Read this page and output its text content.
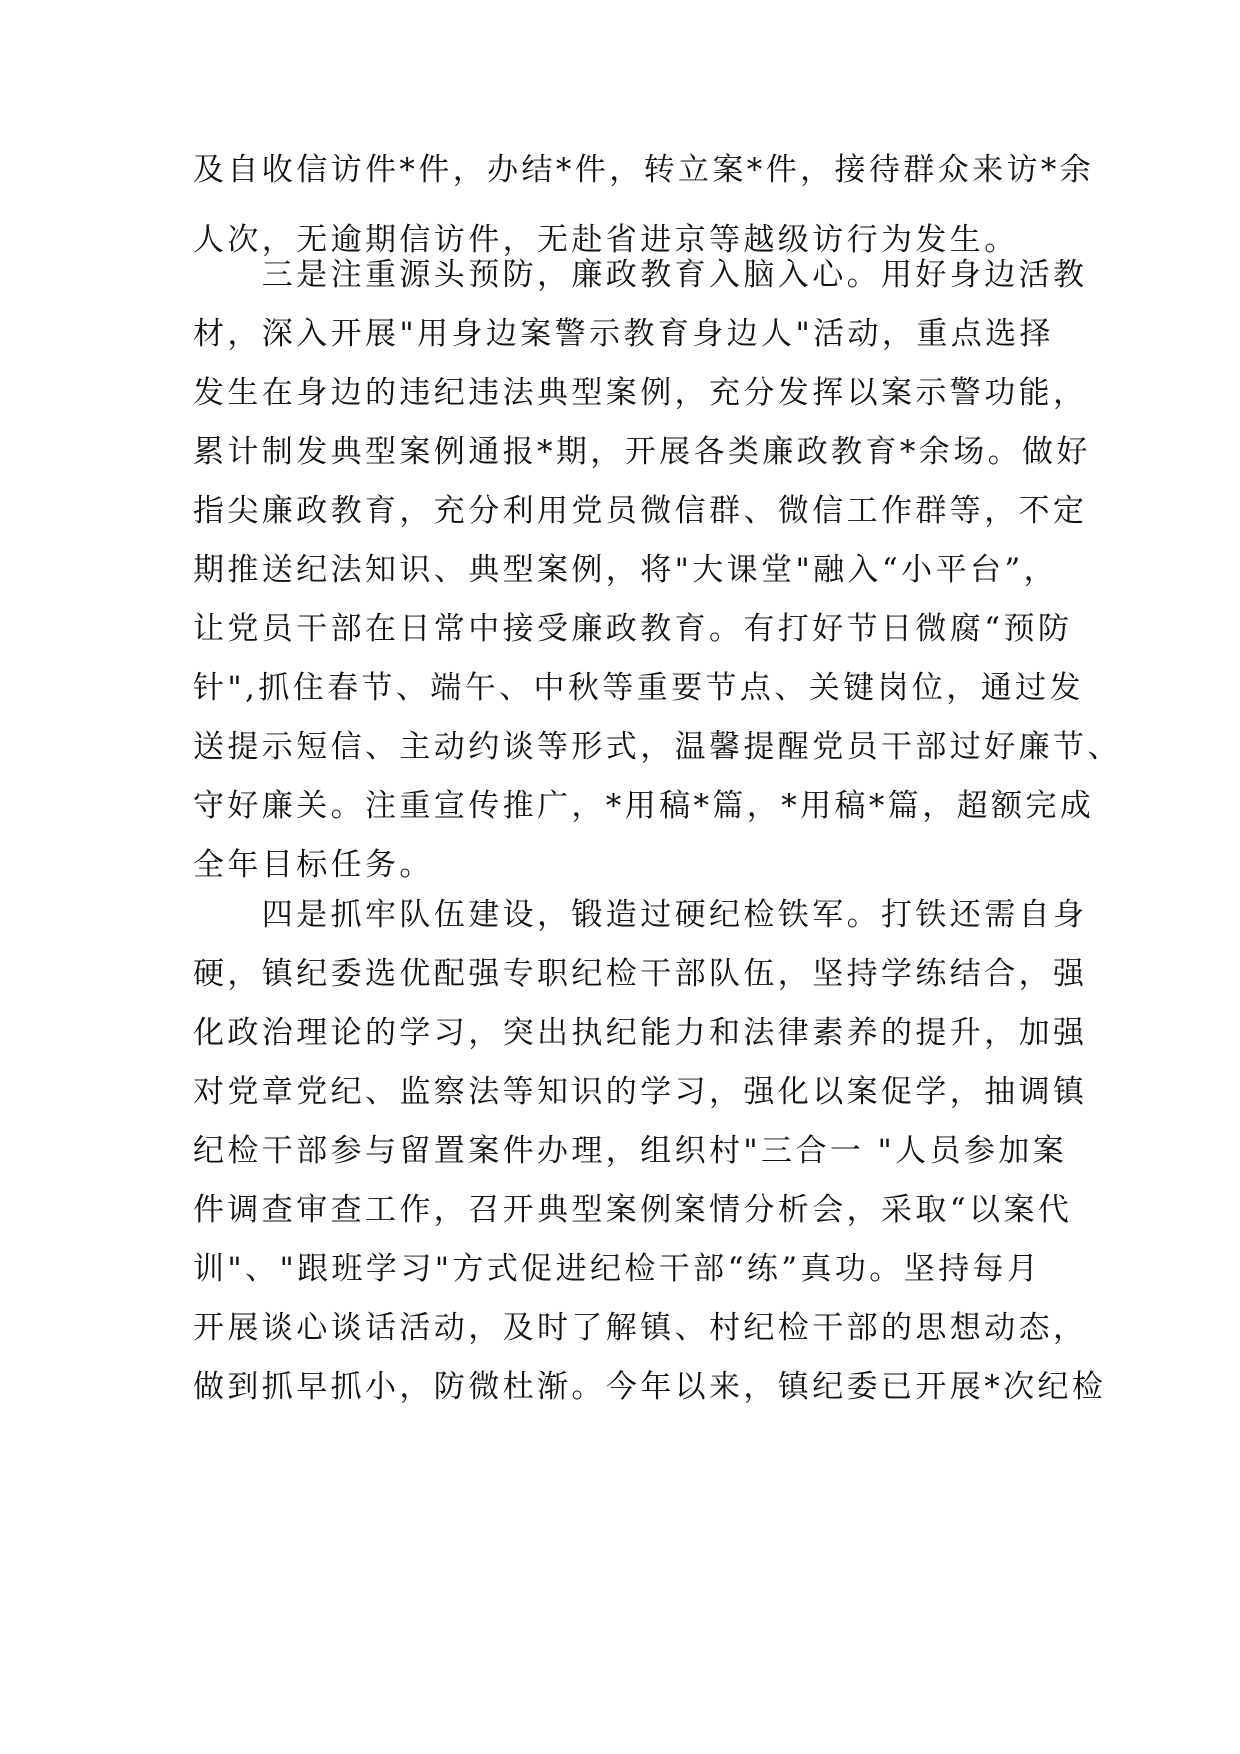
及自收信访件*件，办结*件，转立案*件，接待群众来访*余
人次，无逾期信访件，无赴省进京等越级访行为发生。
　　三是注重源头预防，廉政教育入脑入心。用好身边活教
材，深入开展"用身边案警示教育身边人"活动，重点选择
发生在身边的违纪违法典型案例，充分发挥以案示警功能，
累计制发典型案例通报*期，开展各类廉政教育*余场。做好
指尖廉政教育，充分利用党员微信群、微信工作群等，不定
期推送纪法知识、典型案例，将"大课堂"融入“小平台”，
让党员干部在日常中接受廉政教育。有打好节日微腐“预防
针",抓住春节、端午、中秋等重要节点、关键岗位，通过发
送提示短信、主动约谈等形式，温馨提醒党员干部过好廉节、
守好廉关。注重宣传推广，*用稿*篇，*用稿*篇，超额完成
全年目标任务。
　　四是抓牢队伍建设，锻造过硬纪检铁军。打铁还需自身
硬，镇纪委选优配强专职纪检干部队伍，坚持学练结合，强
化政治理论的学习，突出执纪能力和法律素养的提升，加强
对党章党纪、监察法等知识的学习，强化以案促学，抽调镇
纪检干部参与留置案件办理，组织村"三合一 "人员参加案
件调查审查工作，召开典型案例案情分析会，采取“以案代
训"、"跟班学习"方式促进纪检干部“练”真功。坚持每月
开展谈心谈话活动，及时了解镇、村纪检干部的思想动态，
做到抓早抓小，防微杜渐。今年以来，镇纪委已开展*次纪检
